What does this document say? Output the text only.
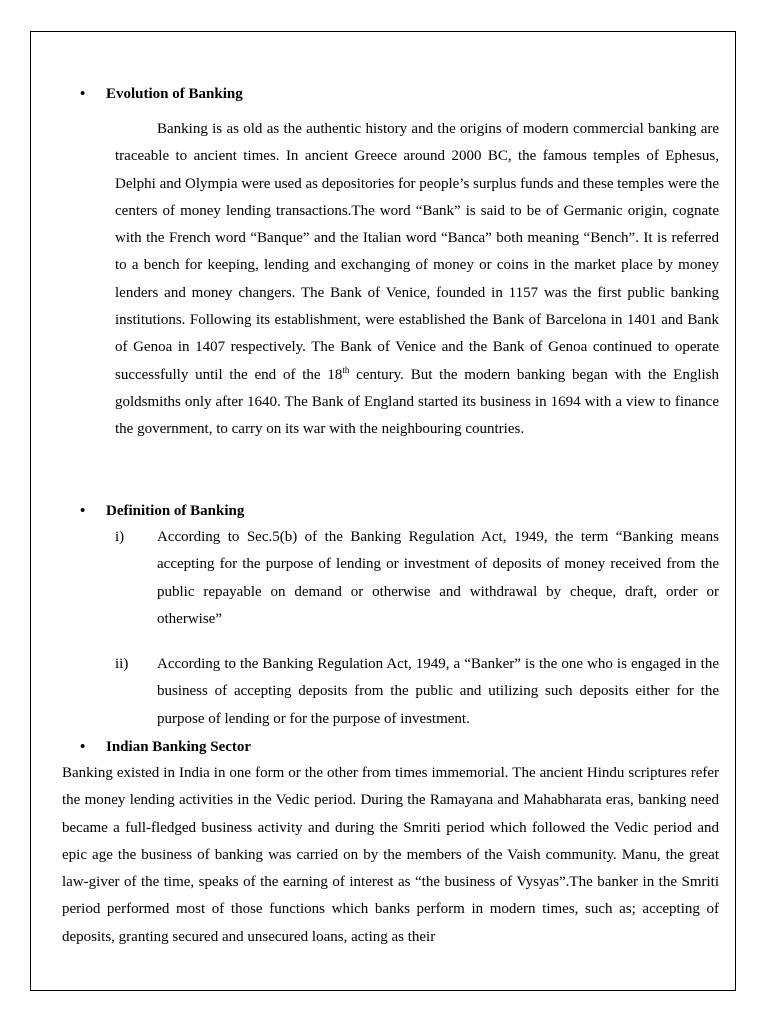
• Evolution of Banking
Banking is as old as the authentic history and the origins of modern commercial banking are traceable to ancient times. In ancient Greece around 2000 BC, the famous temples of Ephesus, Delphi and Olympia were used as depositories for people’s surplus funds and these temples were the centers of money lending transactions.The word “Bank” is said to be of Germanic origin, cognate with the French word “Banque” and the Italian word “Banca” both meaning “Bench”. It is referred to a bench for keeping, lending and exchanging of money or coins in the market place by money lenders and money changers. The Bank of Venice, founded in 1157 was the first public banking institutions. Following its establishment, were established the Bank of Barcelona in 1401 and Bank of Genoa in 1407 respectively. The Bank of Venice and the Bank of Genoa continued to operate successfully until the end of the 18th century. But the modern banking began with the English goldsmiths only after 1640. The Bank of England started its business in 1694 with a view to finance the government, to carry on its war with the neighbouring countries.
• Definition of Banking
i) According to Sec.5(b) of the Banking Regulation Act, 1949, the term “Banking means accepting for the purpose of lending or investment of deposits of money received from the public repayable on demand or otherwise and withdrawal by cheque, draft, order or otherwise”
ii) According to the Banking Regulation Act, 1949, a “Banker” is the one who is engaged in the business of accepting deposits from the public and utilizing such deposits either for the purpose of lending or for the purpose of investment.
• Indian Banking Sector
Banking existed in India in one form or the other from times immemorial. The ancient Hindu scriptures refer the money lending activities in the Vedic period. During the Ramayana and Mahabharata eras, banking need became a full-fledged business activity and during the Smriti period which followed the Vedic period and epic age the business of banking was carried on by the members of the Vaish community. Manu, the great law-giver of the time, speaks of the earning of interest as “the business of Vysyas”.The banker in the Smriti period performed most of those functions which banks perform in modern times, such as; accepting of deposits, granting secured and unsecured loans, acting as their
